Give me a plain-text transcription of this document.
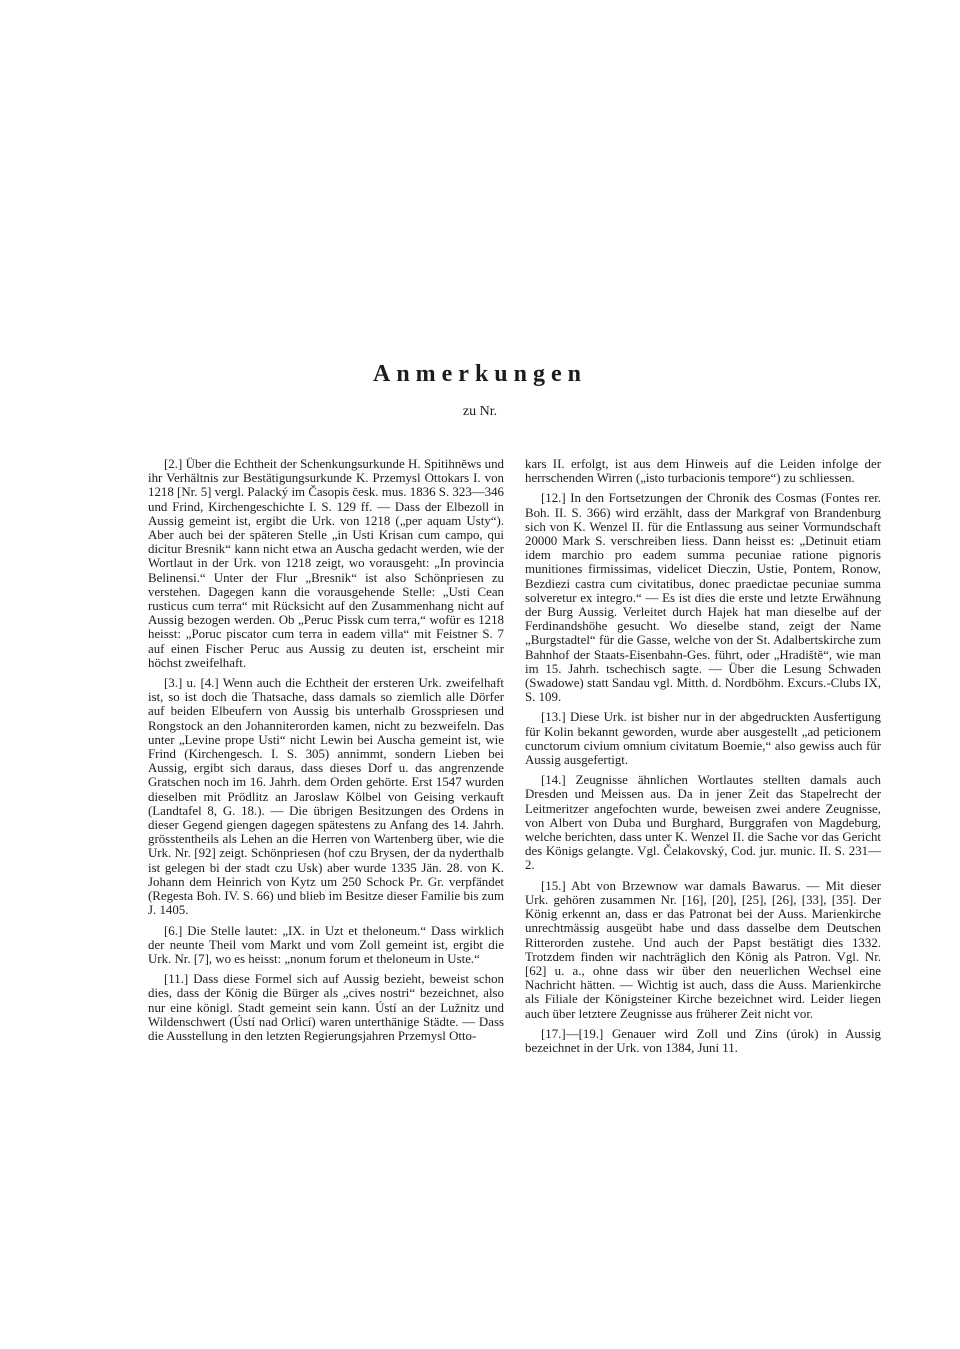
Anmerkungen
zu Nr.

[2.] Über die Echtheit der Schenkungsurkunde H. Spitihněws und ihr Verhältnis zur Bestätigungsurkunde K. Przemysl Ottokars I. von 1218 [Nr. 5] vergl. Palacký im Časopis česk. mus. 1836 S. 323—346 und Frind, Kirchengeschichte I. S. 129 ff. — Dass der Elbezoll in Aussig gemeint ist, ergibt die Urk. von 1218 („per aquam Usty“). Aber auch bei der späteren Stelle „in Usti Krisan cum campo, qui dicitur Bresnik“ kann nicht etwa an Auscha gedacht werden, wie der Wortlaut in der Urk. von 1218 zeigt, wo vorausgeht: „In provincia Belinensi.“ Unter der Flur „Bresnik“ ist also Schönpriesen zu verstehen. Dagegen kann die vorausgehende Stelle: „Usti Cean rusticus cum terra“ mit Rücksicht auf den Zusammenhang nicht auf Aussig bezogen werden. Ob „Peruc Pissk cum terra,“ wofür es 1218 heisst: „Poruc piscator cum terra in eadem villa“ mit Feistner S. 7 auf einen Fischer Peruc aus Aussig zu deuten ist, erscheint mir höchst zweifelhaft.

[3.] u. [4.] Wenn auch die Echtheit der ersteren Urk. zweifelhaft ist, so ist doch die Thatsache, dass damals so ziemlich alle Dörfer auf beiden Elbeufern von Aussig bis unterhalb Grosspriesen und Rongstock an den Johanniterorden kamen, nicht zu bezweifeln. Das unter „Levine prope Usti“ nicht Lewin bei Auscha gemeint ist, wie Frind (Kirchengesch. I. S. 305) annimmt, sondern Lieben bei Aussig, ergibt sich daraus, dass dieses Dorf u. das angrenzende Gratschen noch im 16. Jahrh. dem Orden gehörte. Erst 1547 wurden dieselben mit Prödlitz an Jaroslaw Kölbel von Geising verkauft (Landtafel 8, G. 18.). — Die übrigen Besitzungen des Ordens in dieser Gegend giengen dagegen spätestens zu Anfang des 14. Jahrh. grösstentheils als Lehen an die Herren von Wartenberg über, wie die Urk. Nr. [92] zeigt. Schönpriesen (hof czu Brysen, der da nyderthalb ist gelegen bi der stadt czu Usk) aber wurde 1335 Jän. 28. von K. Johann dem Heinrich von Kytz um 250 Schock Pr. Gr. verpfändet (Regesta Boh. IV. S. 66) und blieb im Besitze dieser Familie bis zum J. 1405.

[6.] Die Stelle lautet: „IX. in Uzt et theloneum.“ Dass wirklich der neunte Theil vom Markt und vom Zoll gemeint ist, ergibt die Urk. Nr. [7], wo es heisst: „nonum forum et theloneum in Uste.“

[11.] Dass diese Formel sich auf Aussig bezieht, beweist schon dies, dass der König die Bürger als „cives nostri“ bezeichnet, also nur eine königl. Stadt gemeint sein kann. Ústí an der Lužnitz und Wildenschwert (Ústí nad Orlicí) waren unterthänige Städte. — Dass die Ausstellung in den letzten Regierungsjahren Przemysl Otto-

kars II. erfolgt, ist aus dem Hinweis auf die Leiden infolge der herrschenden Wirren („isto turbacionis tempore“) zu schliessen.

[12.] In den Fortsetzungen der Chronik des Cosmas (Fontes rer. Boh. II. S. 366) wird erzählt, dass der Markgraf von Brandenburg sich von K. Wenzel II. für die Entlassung aus seiner Vormundschaft 20000 Mark S. verschreiben liess. Dann heisst es: „Detinuit etiam idem marchio pro eadem summa pecuniae ratione pignoris munitiones firmissimas, videlicet Dieczin, Ustie, Pontem, Ronow, Bezdiezi castra cum civitatibus, donec praedictae pecuniae summa solveretur ex integro.“ — Es ist dies die erste und letzte Erwähnung der Burg Aussig. Verleitet durch Hajek hat man dieselbe auf der Ferdinandshöhe gesucht. Wo dieselbe stand, zeigt der Name „Burgstadtel“ für die Gasse, welche von der St. Adalbertskirche zum Bahnhof der Staats-Eisenbahn-Ges. führt, oder „Hradiště“, wie man im 15. Jahrh. tschechisch sagte. — Über die Lesung Schwaden (Swadowe) statt Sandau vgl. Mitth. d. Nordböhm. Excurs.-Clubs IX, S. 109.

[13.] Diese Urk. ist bisher nur in der abgedruckten Ausfertigung für Kolin bekannt geworden, wurde aber ausgestellt „ad peticionem cunctorum civium omnium civitatum Boemie,“ also gewiss auch für Aussig ausgefertigt.

[14.] Zeugnisse ähnlichen Wortlautes stellten damals auch Dresden und Meissen aus. Da in jener Zeit das Stapelrecht der Leitmeritzer angefochten wurde, beweisen zwei andere Zeugnisse, von Albert von Duba und Burghard, Burggrafen von Magdeburg, welche berichten, dass unter K. Wenzel II. die Sache vor das Gericht des Königs gelangte. Vgl. Čelakovský, Cod. jur. munic. II. S. 231—2.

[15.] Abt von Brzewnow war damals Bawarus. — Mit dieser Urk. gehören zusammen Nr. [16], [20], [25], [26], [33], [35]. Der König erkennt an, dass er das Patronat bei der Auss. Marienkirche unrechtmässig ausgeübt habe und dass dasselbe dem Deutschen Ritterorden zustehe. Und auch der Papst bestätigt dies 1332. Trotzdem finden wir nachträglich den König als Patron. Vgl. Nr. [62] u. a., ohne dass wir über den neuerlichen Wechsel eine Nachricht hätten. — Wichtig ist auch, dass die Auss. Marienkirche als Filiale der Königsteiner Kirche bezeichnet wird. Leider liegen auch über letztere Zeugnisse aus früherer Zeit nicht vor.

[17.]—[19.] Genauer wird Zoll und Zins (úrok) in Aussig bezeichnet in der Urk. von 1384, Juni 11.
